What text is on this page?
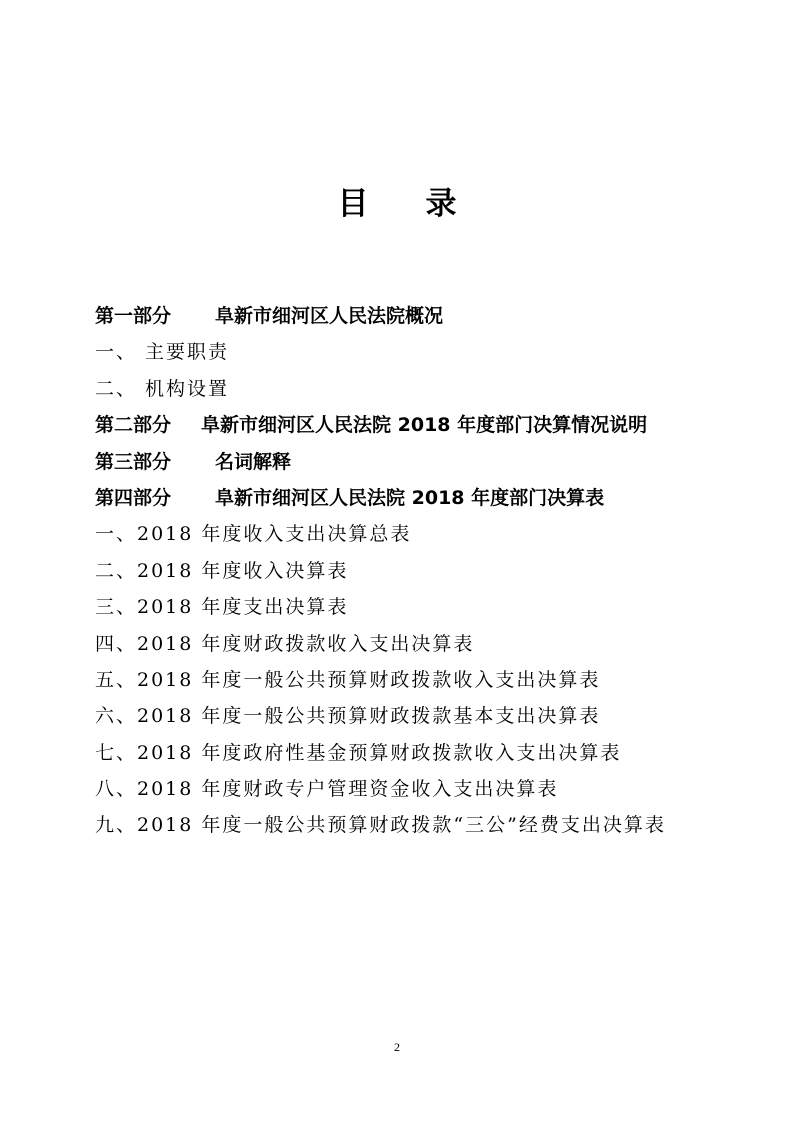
目 录
第一部分 阜新市细河区人民法院概况
一、 主要职责
二、 机构设置
第二部分 阜新市细河区人民法院 2018 年度部门决算情况说明
第三部分 名词解释
第四部分 阜新市细河区人民法院 2018 年度部门决算表
一、2018 年度收入支出决算总表
二、2018 年度收入决算表
三、2018 年度支出决算表
四、2018 年度财政拨款收入支出决算表
五、2018 年度一般公共预算财政拨款收入支出决算表
六、2018 年度一般公共预算财政拨款基本支出决算表
七、2018 年度政府性基金预算财政拨款收入支出决算表
八、2018 年度财政专户管理资金收入支出决算表
九、2018 年度一般公共预算财政拨款“三公”经费支出决算表
2
